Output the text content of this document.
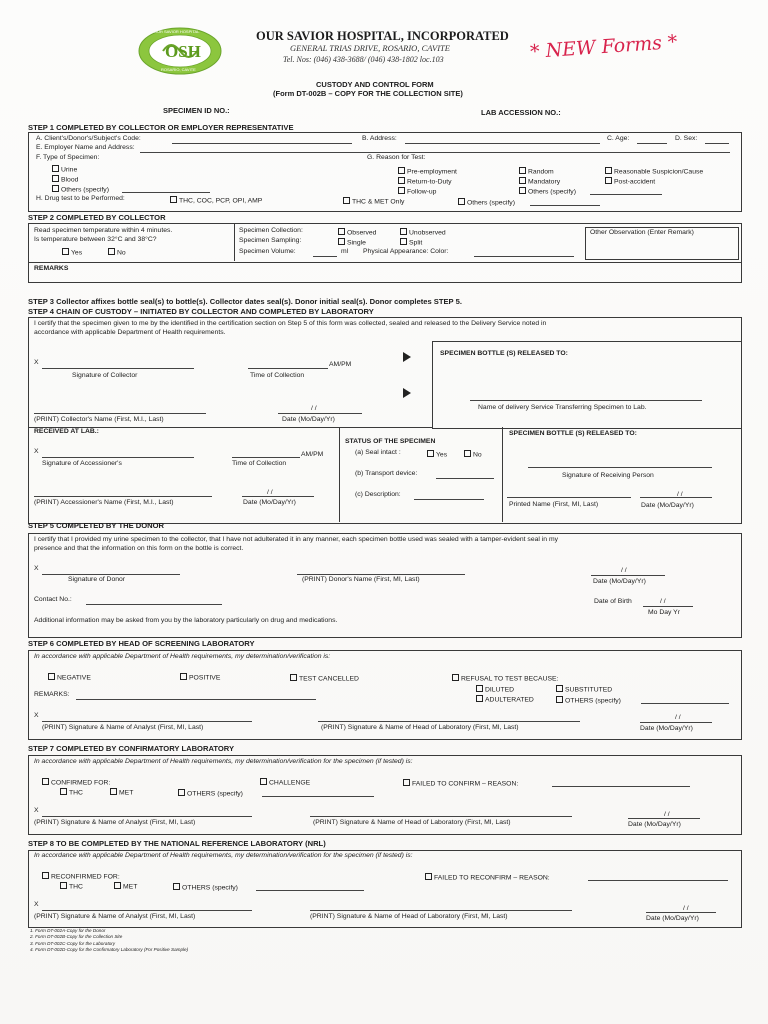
OSH
OUR SAVIOR HOSPITAL
ROSARIO, CAVITE
OUR SAVIOR HOSPITAL, INCORPORATED
GENERAL TRIAS DRIVE, ROSARIO, CAVITE
Tel. Nos: (046) 438-3688/ (046) 438-1802 loc.103	* NEW Forms *
CUSTODY AND CONTROL FORM
(Form DT-002B – COPY FOR THE COLLECTION SITE)
SPECIMEN ID NO.:	LAB ACCESSION NO.:
STEP 1 COMPLETED BY COLLECTOR OR EMPLOYER REPRESENTATIVE
A. Client's/Donor's/Subject's Code:	B. Address:	C. Age:	D. Sex:
E. Employer Name and Address:
F. Type of Specimen:
Urine
Blood
Others (specify)
G. Reason for Test:
Pre-employment	Random	Reasonable Suspicion/Cause
Return-to-Duty	Mandatory	Post-accident
Follow-up	Others (specify)
H. Drug test to be Performed:	THC, COC, PCP, OPI, AMP	THC & MET Only	Others (specify)
STEP 2 COMPLETED BY COLLECTOR
Read specimen temperature within 4 minutes.
Is temperature between 32°C and 38°C?
Yes	No
Specimen Collection:	Observed	Unobserved
Specimen Sampling:	Single	Split
Specimen Volume:	ml Physical Appearance: Color:
Other Observation (Enter Remark)
REMARKS
STEP 3 Collector affixes bottle seal(s) to bottle(s). Collector dates seal(s). Donor initial seal(s). Donor completes STEP 5.
STEP 4 CHAIN OF CUSTODY – INITIATED BY COLLECTOR AND COMPLETED BY LABORATORY
I certify that the specimen given to me by the identified in the certification section on Step 5 of this form was collected, sealed and released to the Delivery Service noted in
accordance with applicable Department of Health requirements.
X	AM/PM
Signature of Collector	Time of Collection
/ /
(PRINT) Collector's Name (First, M.I., Last)	Date (Mo/Day/Yr)
SPECIMEN BOTTLE (S) RELEASED TO:
Name of delivery Service Transferring Specimen to Lab.
RECEIVED AT LAB.:
X	AM/PM
Signature of Accessioner's	Time of Collection
/ /
(PRINT) Accessioner's Name (First, M.I., Last)	Date (Mo/Day/Yr)
STATUS OF THE SPECIMEN
(a) Seal intact :	Yes	No
(b) Transport device:
(c) Description:
SPECIMEN BOTTLE (S) RELEASED TO:
Signature of Receiving Person
/ /
Printed Name (First, MI, Last)	Date (Mo/Day/Yr)
STEP 5 COMPLETED BY THE DONOR
I certify that I provided my urine specimen to the collector, that I have not adulterated it in any manner, each specimen bottle used was sealed with a tamper-evident seal in my
presence and that the information on this form on the bottle is correct.
X	/ /
Signature of Donor	(PRINT) Donor's Name (First, MI, Last)	Date (Mo/Day/Yr)
Contact No.:	Date of Birth	/ /
Mo Day Yr
Additional information may be asked from you by the laboratory particularly on drug and medications.
STEP 6 COMPLETED BY HEAD OF SCREENING LABORATORY
In accordance with applicable Department of Health requirements, my determination/verification is:
NEGATIVE	POSITIVE	TEST CANCELLED	REFUSAL TO TEST BECAUSE:
DILUTED	SUBSTITUTED
ADULTERATED	OTHERS (specify)
REMARKS:
X	/ /
(PRINT) Signature & Name of Analyst (First, MI, Last)	(PRINT) Signature & Name of Head of Laboratory (First, MI, Last)	Date (Mo/Day/Yr)
STEP 7 COMPLETED BY CONFIRMATORY LABORATORY
In accordance with applicable Department of Health requirements, my determination/verification for the specimen (if tested) is:
CONFIRMED FOR:
THC	MET
CHALLENGE
OTHERS (specify)
FAILED TO CONFIRM – REASON:
X
/ /
(PRINT) Signature & Name of Analyst (First, MI, Last)	(PRINT) Signature & Name of Head of Laboratory (First, MI, Last)	Date (Mo/Day/Yr)
STEP 8 TO BE COMPLETED BY THE NATIONAL REFERENCE LABORATORY (NRL)
In accordance with applicable Department of Health requirements, my determination/verification for the specimen (if tested) is:
RECONFIRMED FOR:
THC	MET	OTHERS (specify)
FAILED TO RECONFIRM – REASON:
X
/ /
(PRINT) Signature & Name of Analyst (First, MI, Last)	(PRINT) Signature & Name of Head of Laboratory (First, MI, Last)	Date (Mo/Day/Yr)
1. Form DT-002A-Copy for the Donor
2. Form DT-002B-Copy for the Collection Site
3. Form DT-002C-Copy for the Laboratory
4. Form DT-002D-Copy for the Confirmatory Laboratory (For Positive Sample)
